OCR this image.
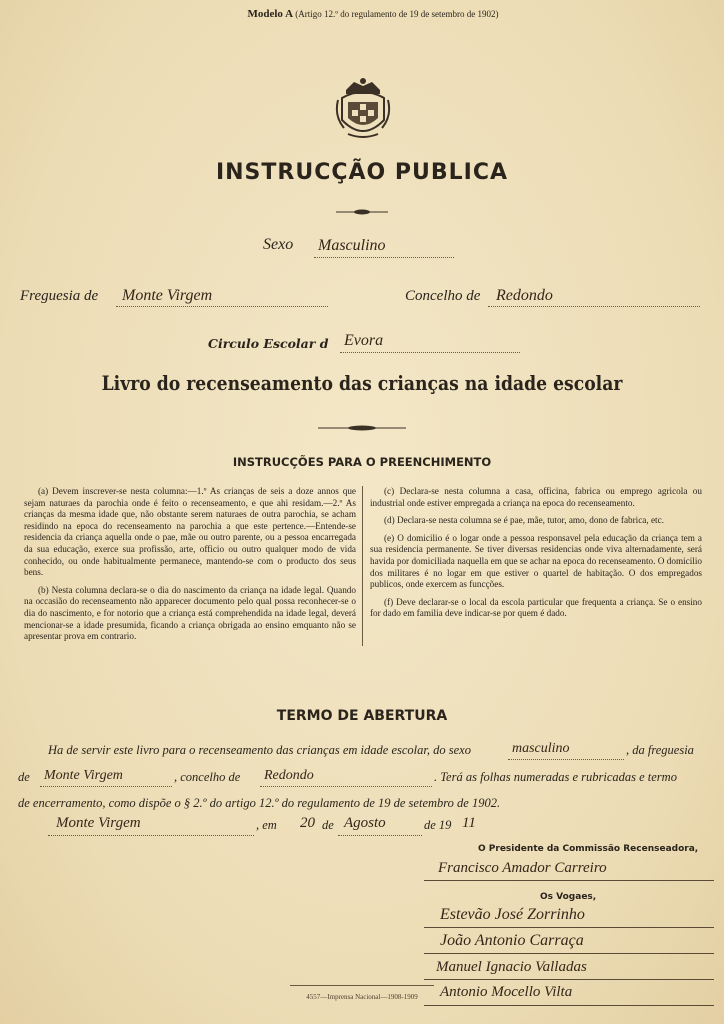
Modelo A (Artigo 12.º do regulamento de 19 de setembro de 1902)
INSTRUCÇÃO PUBLICA
Sexo Masculino
Freguesia de Monte Virgem	Concelho de Redondo
Circulo Escolar d Evora
Livro do recenseamento das crianças na idade escolar
INSTRUCÇÕES PARA O PREENCHIMENTO

(a) Devem inscrever-se nesta columna:—1.º As crianças de seis a doze annos que sejam naturaes da parochia onde é feito o recenseamento, e que ahi residam.—2.º As crianças da mesma idade que, não obstante serem naturaes de outra parochia, se acham residindo na epoca do recenseamento na parochia a que este pertence.—Entende-se residencia da criança aquella onde o pae, mãe ou outro parente, ou a pessoa encarregada da sua educação, exerce sua profissão, arte, officio ou outro qualquer modo de vida conhecido, ou onde habitualmente permanece, mantendo-se com o producto dos seus bens.

(b) Nesta columna declara-se o dia do nascimento da criança na idade legal. Quando na occasião do recenseamento não apparecer documento pelo qual possa reconhecer-se o dia do nascimento, e for notorio que a criança está comprehendida na idade legal, deverá mencionar-se a idade presumida, ficando a criança obrigada ao ensino emquanto não se apresentar prova em contrario.

(c) Declara-se nesta columna a casa, officina, fabrica ou emprego agricola ou industrial onde estiver empregada a criança na epoca do recenseamento.

(d) Declara-se nesta columna se é pae, mãe, tutor, amo, dono de fabrica, etc.

(e) O domicilio é o logar onde a pessoa responsavel pela educação da criança tem a sua residencia permanente. Se tiver diversas residencias onde viva alternadamente, será havida por domiciliada naquella em que se achar na epoca do recenseamento. O domicilio dos militares é no logar em que estiver o quartel de habitação. O dos empregados publicos, onde exercem as funcções.

(f) Deve declarar-se o local da escola particular que frequenta a criança. Se o ensino for dado em familia deve indicar-se por quem é dado.

TERMO DE ABERTURA
Ha de servir este livro para o recenseamento das crianças em idade escolar, do sexo	masculino	, da freguesia
de Monte Virgem	, concelho de Redondo	. Terá as folhas numeradas e rubricadas e termo
de encerramento, como dispõe o § 2.º do artigo 12.º do regulamento de 19 de setembro de 1902.
Monte Virgem	, em 20 de Agosto	de 19 11
O Presidente da Commissão Recenseadora,
Francisco Amador Carreiro
Os Vogaes,
Estevão José Zorrinho
João Antonio Carraça
Manuel Ignacio Valladas
Antonio Mocello Vilta
4557—Imprensa Nacional—1908-1909
